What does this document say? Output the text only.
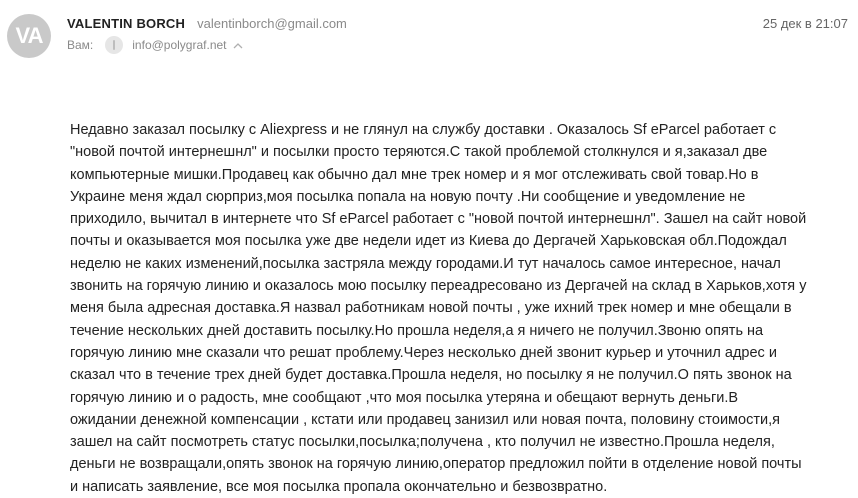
VA VALENTIN BORCH valentinborch@gmail.com	25 дек в 21:07
Вам:	info@polygraf.net
Недавно заказал посылку с Aliexpress и не глянул на службу доставки . Оказалось Sf eParcel работает с
"новой почтой интернешнл" и посылки просто теряются.С такой проблемой столкнулся и я,заказал две
компьютерные мишки.Продавец как обычно дал мне трек номер и я мог отслеживать свой товар.Но в
Украине меня ждал сюрприз,моя посылка попала на новую почту .Ни сообщение и уведомление не
приходило, вычитал в интернете что Sf eParcel работает с "новой почтой интернешнл". Зашел на сайт новой
почты и оказывается моя посылка уже две недели идет из Киева до Дергачей Харьковская обл.Подождал
неделю не каких изменений,посылка застряла между городами.И тут началось самое интересное, начал
звонить на горячую линию и оказалось мою посылку переадресовано из Дергачей на склад в Харьков,хотя у
меня была адресная доставка.Я назвал работникам новой почты , уже ихний трек номер и мне обещали в
течение нескольких дней доставить посылку.Но прошла неделя,а я ничего не получил.Звоню опять на
горячую линию мне сказали что решат проблему.Через несколько дней звонит курьер и уточнил адрес и
сказал что в течение трех дней будет доставка.Прошла неделя, но посылку я не получил.О пять звонок на
горячую линию и о радость, мне сообщают ,что моя посылка утеряна и обещают вернуть деньги.В
ожидании денежной компенсации , кстати или продавец занизил или новая почта, половину стоимости,я
зашел на сайт посмотреть статус посылки,посылка;получена , кто получил не известно.Прошла неделя,
деньги не возвращали,опять звонок на горячую линию,оператор предложил пойти в отделение новой почты
и написать заявление, все моя посылка пропала окончательно и безвозвратно.
